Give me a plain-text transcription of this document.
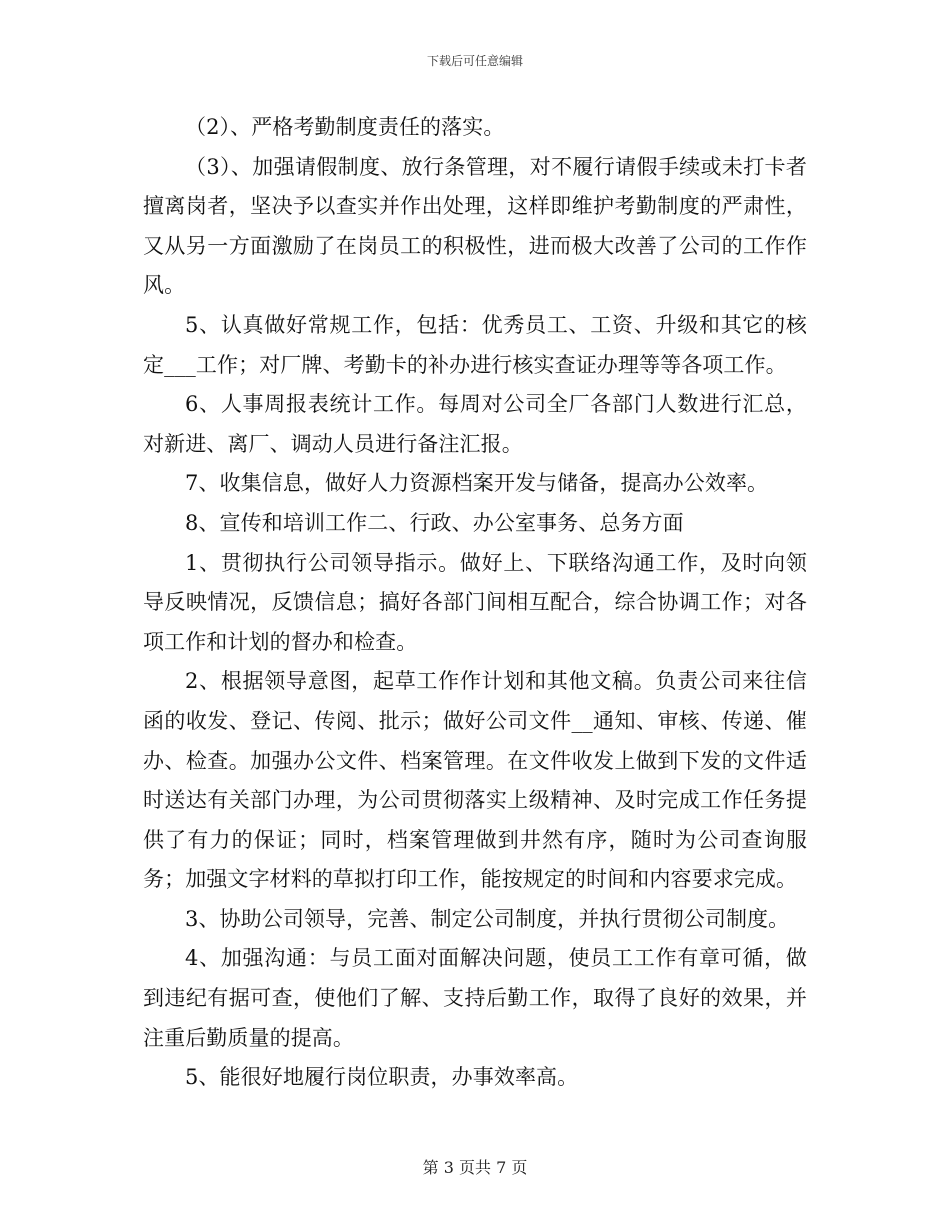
下载后可任意编辑

（2）、严格考勤制度责任的落实。

（3）、加强请假制度、放行条管理，对不履行请假手续或未打卡者擅离岗者，坚决予以查实并作出处理，这样即维护考勤制度的严肃性，又从另一方面激励了在岗员工的积极性，进而极大改善了公司的工作作风。

5、认真做好常规工作，包括：优秀员工、工资、升级和其它的核定___工作；对厂牌、考勤卡的补办进行核实查证办理等等各项工作。

6、人事周报表统计工作。每周对公司全厂各部门人数进行汇总，对新进、离厂、调动人员进行备注汇报。

7、收集信息，做好人力资源档案开发与储备，提高办公效率。

8、宣传和培训工作二、行政、办公室事务、总务方面

1、贯彻执行公司领导指示。做好上、下联络沟通工作，及时向领导反映情况，反馈信息；搞好各部门间相互配合，综合协调工作；对各项工作和计划的督办和检查。

2、根据领导意图，起草工作作计划和其他文稿。负责公司来往信函的收发、登记、传阅、批示；做好公司文件__通知、审核、传递、催办、检查。加强办公文件、档案管理。在文件收发上做到下发的文件适时送达有关部门办理，为公司贯彻落实上级精神、及时完成工作任务提供了有力的保证；同时，档案管理做到井然有序，随时为公司查询服务；加强文字材料的草拟打印工作，能按规定的时间和内容要求完成。

3、协助公司领导，完善、制定公司制度，并执行贯彻公司制度。

4、加强沟通：与员工面对面解决问题，使员工工作有章可循，做到违纪有据可查，使他们了解、支持后勤工作，取得了良好的效果，并注重后勤质量的提高。

5、能很好地履行岗位职责，办事效率高。

第 3 页共 7 页
